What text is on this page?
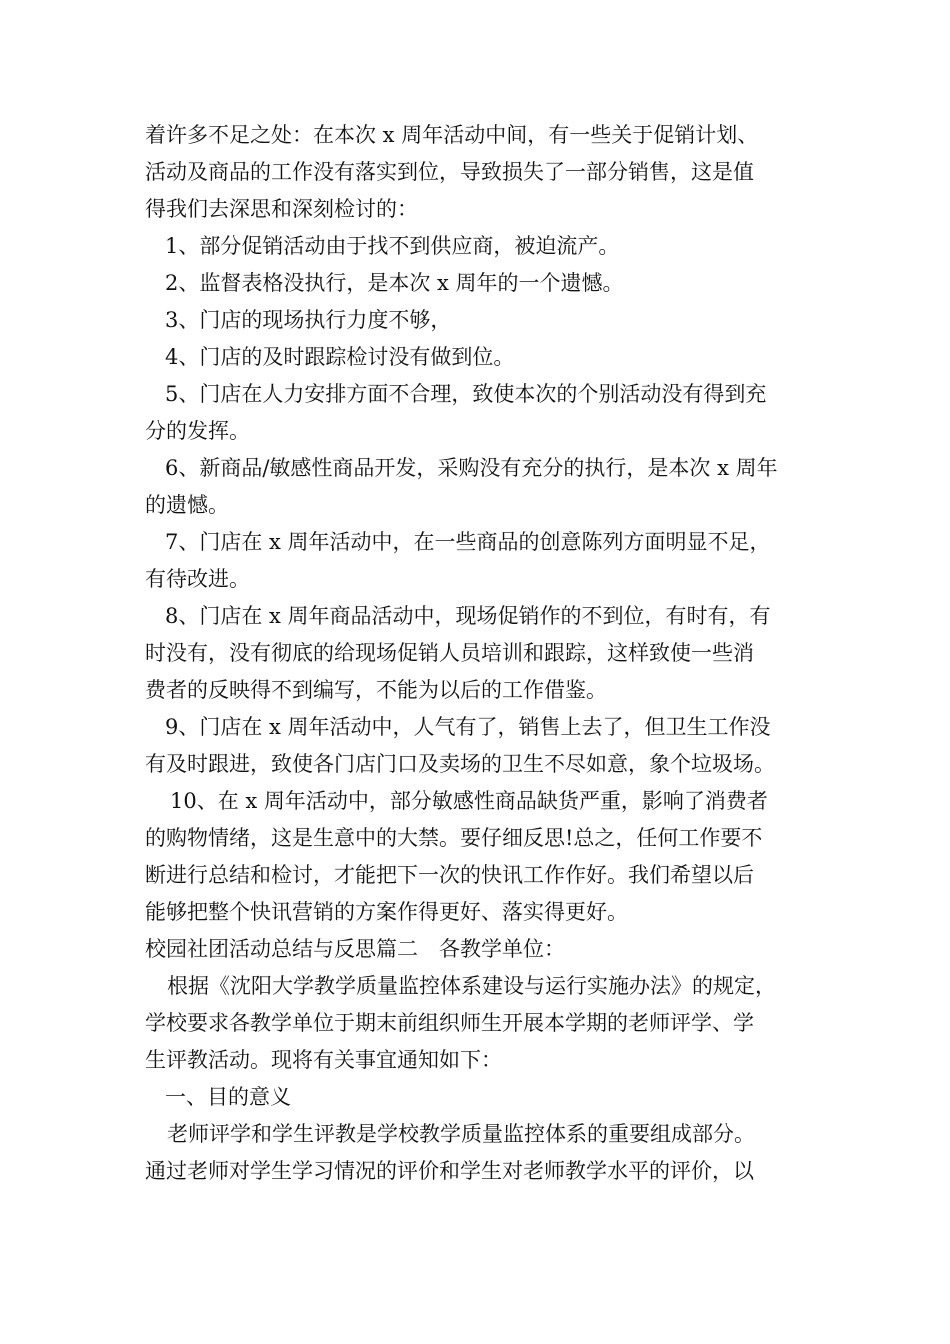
着许多不足之处：在本次 x 周年活动中间，有一些关于促销计划、
活动及商品的工作没有落实到位，导致损失了一部分销售，这是值
得我们去深思和深刻检讨的：
1、部分促销活动由于找不到供应商，被迫流产。
2、监督表格没执行，是本次 x 周年的一个遗憾。
3、门店的现场执行力度不够，
4、门店的及时跟踪检讨没有做到位。
5、门店在人力安排方面不合理，致使本次的个别活动没有得到充
分的发挥。
6、新商品/敏感性商品开发，采购没有充分的执行，是本次 x 周年
的遗憾。
7、门店在 x 周年活动中，在一些商品的创意陈列方面明显不足，
有待改进。
8、门店在 x 周年商品活动中，现场促销作的不到位，有时有，有
时没有，没有彻底的给现场促销人员培训和跟踪，这样致使一些消
费者的反映得不到编写，不能为以后的工作借鉴。
9、门店在 x 周年活动中，人气有了，销售上去了，但卫生工作没
有及时跟进，致使各门店门口及卖场的卫生不尽如意，象个垃圾场。
10、在 x 周年活动中，部分敏感性商品缺货严重，影响了消费者
的购物情绪，这是生意中的大禁。要仔细反思!总之，任何工作要不
断进行总结和检讨，才能把下一次的快讯工作作好。我们希望以后
能够把整个快讯营销的方案作得更好、落实得更好。
校园社团活动总结与反思篇二　各教学单位：
根据《沈阳大学教学质量监控体系建设与运行实施办法》的规定，
学校要求各教学单位于期末前组织师生开展本学期的老师评学、学
生评教活动。现将有关事宜通知如下：
一、目的意义
老师评学和学生评教是学校教学质量监控体系的重要组成部分。
通过老师对学生学习情况的评价和学生对老师教学水平的评价，以
